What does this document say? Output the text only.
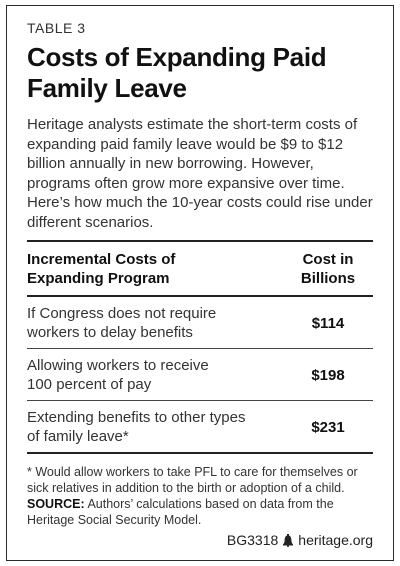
TABLE 3
Costs of Expanding Paid
Family Leave

Heritage analysts estimate the short-term costs of expanding paid family leave would be $9 to $12 billion annually in new borrowing. However, programs often grow more expansive over time. Here’s how much the 10-year costs could rise under different scenarios.

Incremental Costs of
Expanding Program	Cost in
Billions
If Congress does not require
workers to delay benefits	$114
Allowing workers to receive
100 percent of pay	$198
Extending benefits to other types
of family leave*	$231

* Would allow workers to take PFL to care for themselves or sick relatives in addition to the birth or adoption of a child.
SOURCE: Authors’ calculations based on data from the Heritage Social Security Model.

BG3318 heritage.org
